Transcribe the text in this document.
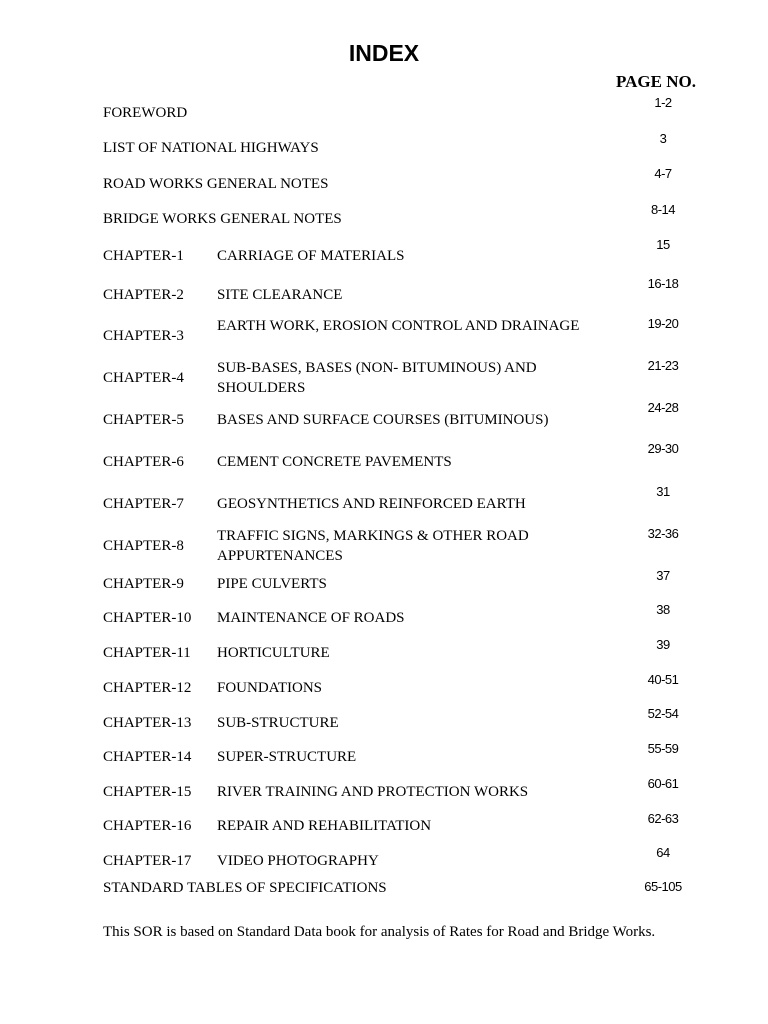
INDEX
PAGE NO.
1-2
FOREWORD
3
LIST OF NATIONAL HIGHWAYS
4-7
ROAD WORKS GENERAL NOTES
8-14
BRIDGE WORKS GENERAL NOTES
15
CHAPTER-1 CARRIAGE OF MATERIALS
16-18
CHAPTER-2 SITE CLEARANCE
19-20
CHAPTER-3
EARTH WORK, EROSION CONTROL AND DRAINAGE
21-23
CHAPTER-4
SUB-BASES, BASES (NON- BITUMINOUS) AND SHOULDERS
24-28
CHAPTER-5 BASES AND SURFACE COURSES (BITUMINOUS)
29-30
CHAPTER-6 CEMENT CONCRETE PAVEMENTS
31
CHAPTER-7 GEOSYNTHETICS AND REINFORCED EARTH
32-36
CHAPTER-8
TRAFFIC SIGNS, MARKINGS & OTHER ROAD APPURTENANCES
37
CHAPTER-9 PIPE CULVERTS
38
CHAPTER-10 MAINTENANCE OF ROADS
39
CHAPTER-11 HORTICULTURE
40-51
CHAPTER-12 FOUNDATIONS
52-54
CHAPTER-13 SUB-STRUCTURE
55-59
CHAPTER-14 SUPER-STRUCTURE
60-61
CHAPTER-15 RIVER TRAINING AND PROTECTION WORKS
62-63
CHAPTER-16 REPAIR AND REHABILITATION
64
CHAPTER-17 VIDEO PHOTOGRAPHY
65-105
STANDARD TABLES OF SPECIFICATIONS
This SOR is based on Standard Data book for analysis of Rates for Road and Bridge Works.
